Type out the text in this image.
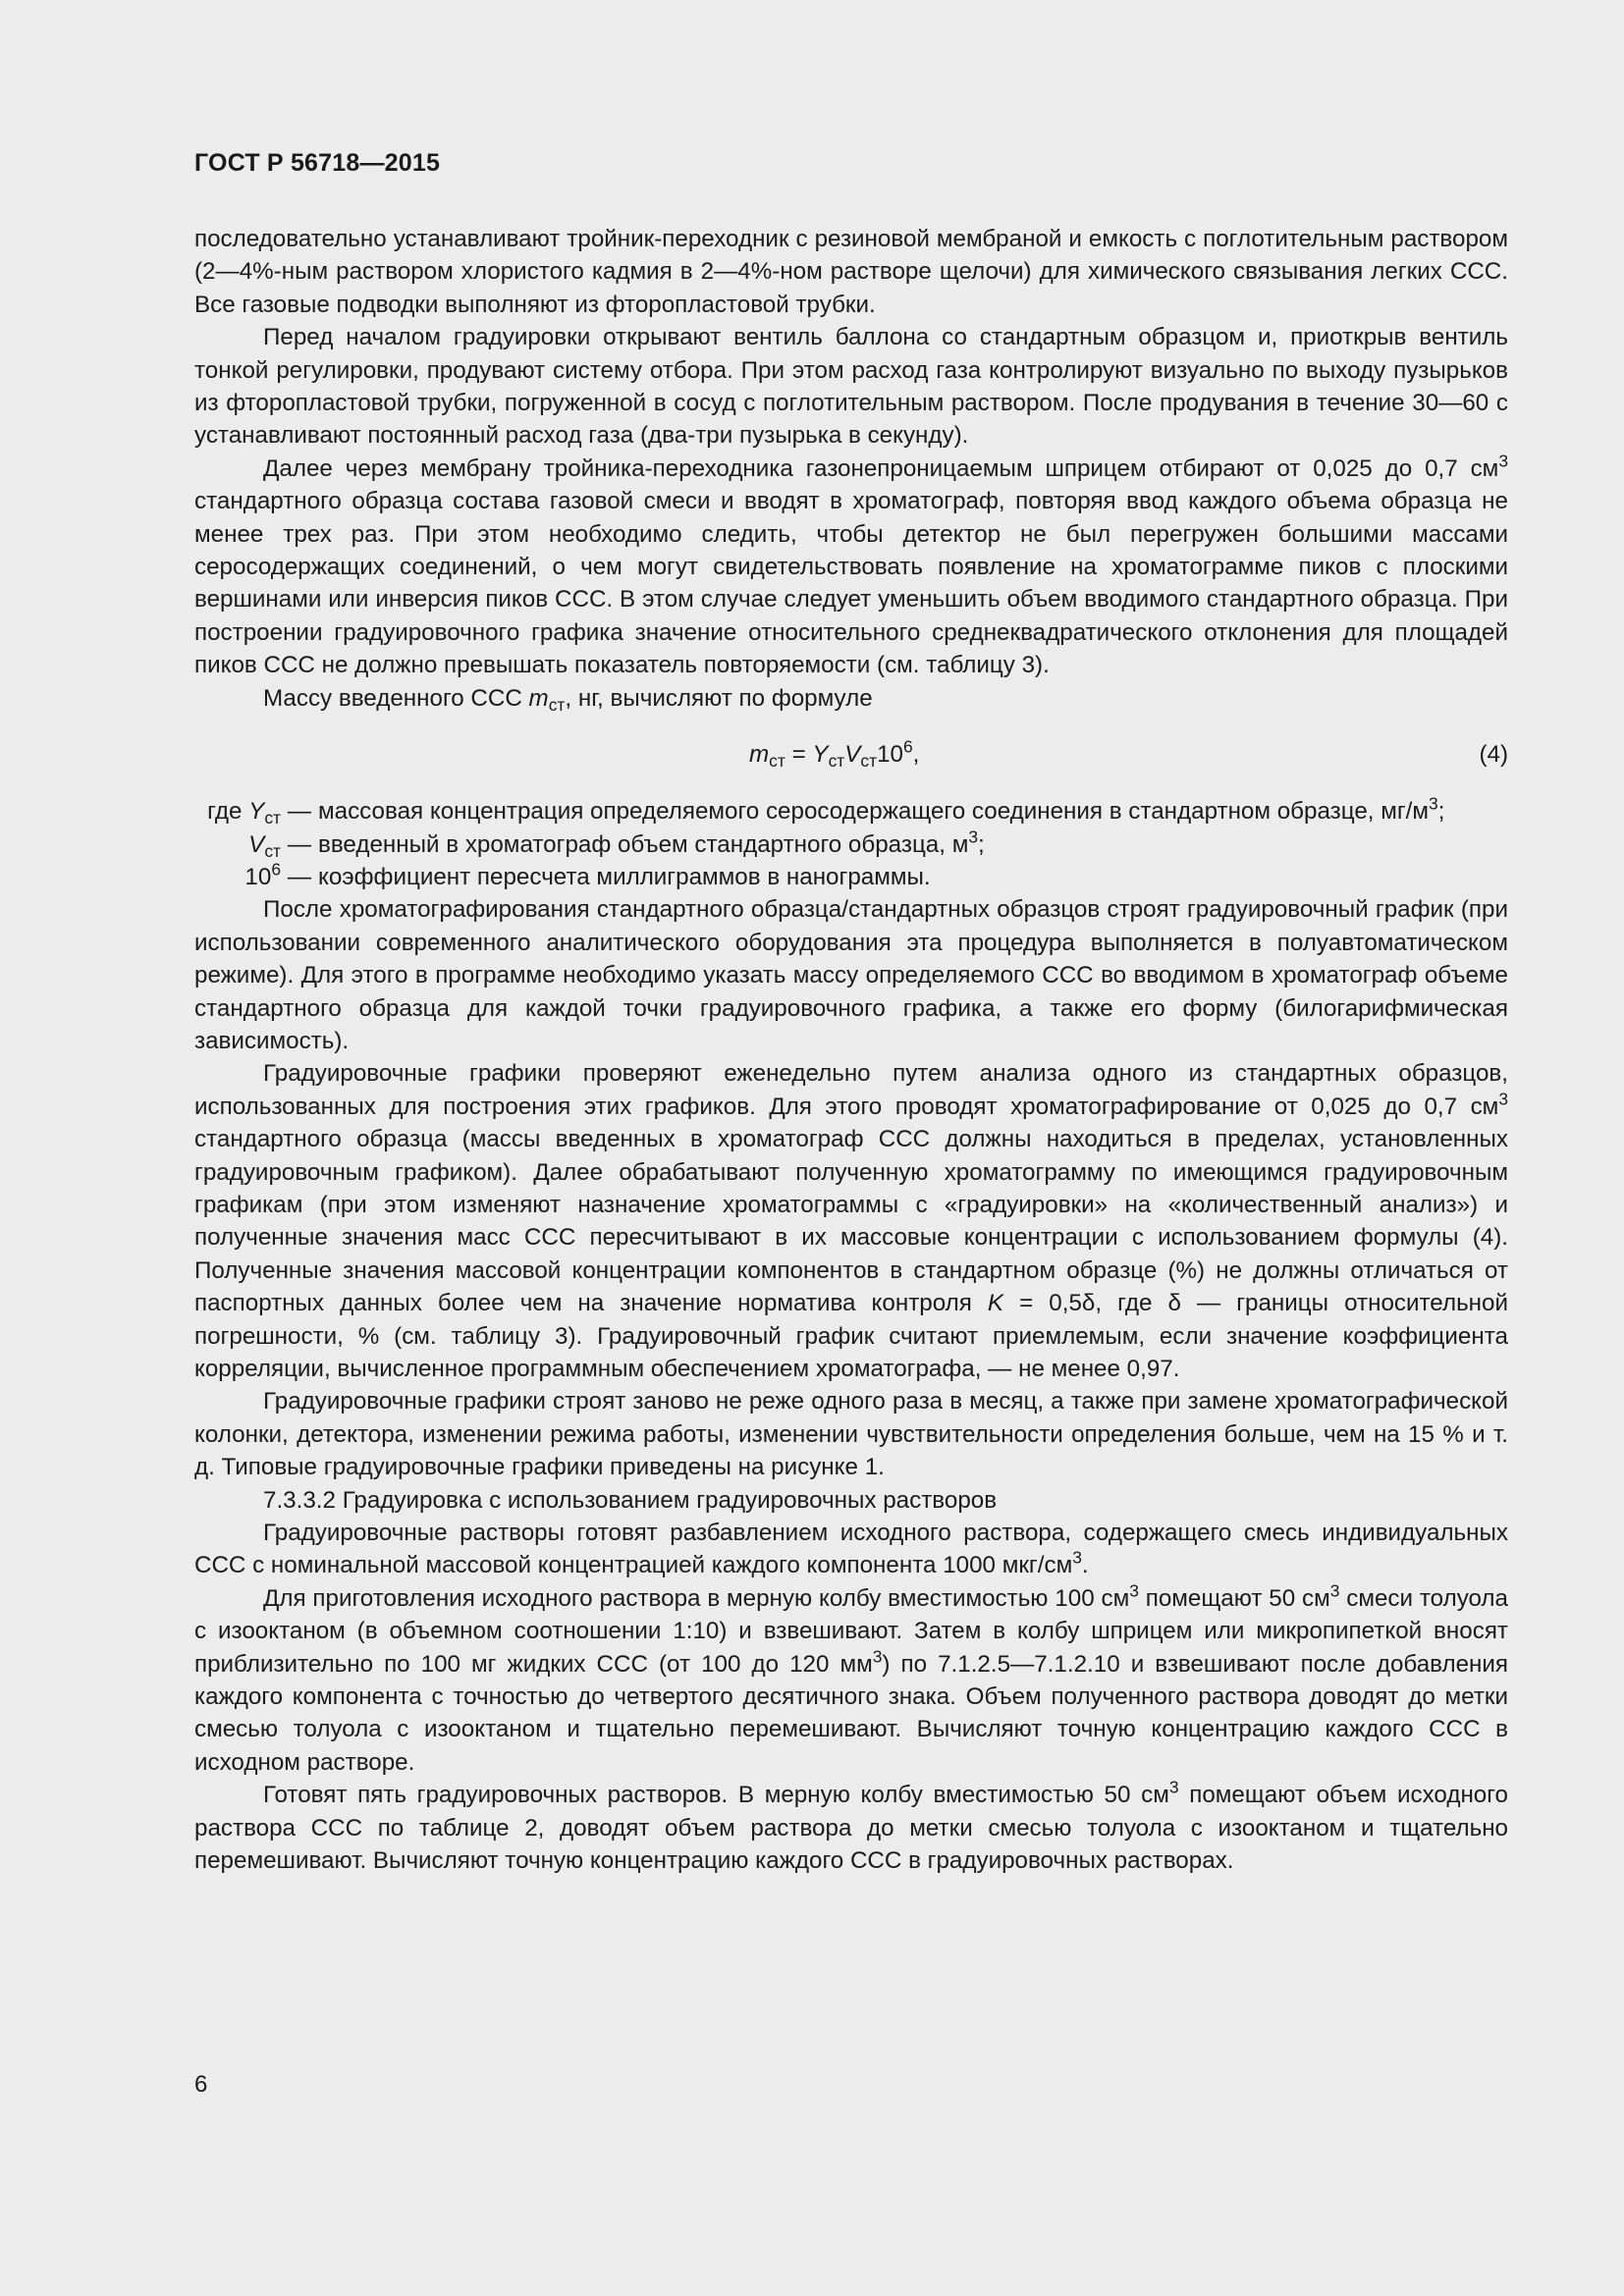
ГОСТ Р 56718—2015

последовательно устанавливают тройник-переходник с резиновой мембраной и емкость с поглотительным раствором (2—4%-ным раствором хлористого кадмия в 2—4%-ном растворе щелочи) для химического связывания легких ССС. Все газовые подводки выполняют из фторопластовой трубки.

Перед началом градуировки открывают вентиль баллона со стандартным образцом и, приоткрыв вентиль тонкой регулировки, продувают систему отбора. При этом расход газа контролируют визуально по выходу пузырьков из фторопластовой трубки, погруженной в сосуд с поглотительным раствором. После продувания в течение 30—60 с устанавливают постоянный расход газа (два-три пузырька в секунду).

Далее через мембрану тройника-переходника газонепроницаемым шприцем отбирают от 0,025 до 0,7 $см^3$ стандартного образца состава газовой смеси и вводят в хроматограф, повторяя ввод каждого объема образца не менее трех раз. При этом необходимо следить, чтобы детектор не был перегружен большими массами серосодержащих соединений, о чем могут свидетельствовать появление на хроматограмме пиков с плоскими вершинами или инверсия пиков ССС. В этом случае следует уменьшить объем вводимого стандартного образца. При построении градуировочного графика значение относительного среднеквадратического отклонения для площадей пиков ССС не должно превышать показатель повторяемости (см. таблицу 3).

Массу введенного ССС $m_{ст}$, нг, вычисляют по формуле

$m_{ст} = Y_{ст}V_{ст}10^6$,	(4)
где $Y_{ст}$ — массовая концентрация определяемого серосодержащего соединения в стандартном образце, $мг/м^3$;
$V_{ст}$ — введенный в хроматограф объем стандартного образца, $м^3$;
$10^6$ — коэффициент пересчета миллиграммов в нанограммы.

После хроматографирования стандартного образца/стандартных образцов строят градуировочный график (при использовании современного аналитического оборудования эта процедура выполняется в полуавтоматическом режиме). Для этого в программе необходимо указать массу определяемого ССС во вводимом в хроматограф объеме стандартного образца для каждой точки градуировочного графика, а также его форму (билогарифмическая зависимость).

Градуировочные графики проверяют еженедельно путем анализа одного из стандартных образцов, использованных для построения этих графиков. Для этого проводят хроматографирование от 0,025 до 0,7 $см^3$ стандартного образца (массы введенных в хроматограф ССС должны находиться в пределах, установленных градуировочным графиком). Далее обрабатывают полученную хроматограмму по имеющимся градуировочным графикам (при этом изменяют назначение хроматограммы с «градуировки» на «количественный анализ») и полученные значения масс ССС пересчитывают в их массовые концентрации с использованием формулы (4). Полученные значения массовой концентрации компонентов в стандартном образце (%) не должны отличаться от паспортных данных более чем на значение норматива контроля K = 0,5δ, где δ — границы относительной погрешности, % (см. таблицу 3). Градуировочный график считают приемлемым, если значение коэффициента корреляции, вычисленное программным обеспечением хроматографа, — не менее 0,97.

Градуировочные графики строят заново не реже одного раза в месяц, а также при замене хроматографической колонки, детектора, изменении режима работы, изменении чувствительности определения больше, чем на 15 % и т. д. Типовые градуировочные графики приведены на рисунке 1.

7.3.3.2 Градуировка с использованием градуировочных растворов

Градуировочные растворы готовят разбавлением исходного раствора, содержащего смесь индивидуальных ССС с номинальной массовой концентрацией каждого компонента 1000 мкг/$см^3$.

Для приготовления исходного раствора в мерную колбу вместимостью 100 $см^3$ помещают 50 $см^3$ смеси толуола с изооктаном (в объемном соотношении 1:10) и взвешивают. Затем в колбу шприцем или микропипеткой вносят приблизительно по 100 мг жидких ССС (от 100 до 120 $мм^3$) по 7.1.2.5—7.1.2.10 и взвешивают после добавления каждого компонента с точностью до четвертого десятичного знака. Объем полученного раствора доводят до метки смесью толуола с изооктаном и тщательно перемешивают. Вычисляют точную концентрацию каждого ССС в исходном растворе.

Готовят пять градуировочных растворов. В мерную колбу вместимостью 50 $см^3$ помещают объем исходного раствора ССС по таблице 2, доводят объем раствора до метки смесью толуола с изооктаном и тщательно перемешивают. Вычисляют точную концентрацию каждого ССС в градуировочных растворах.

6
